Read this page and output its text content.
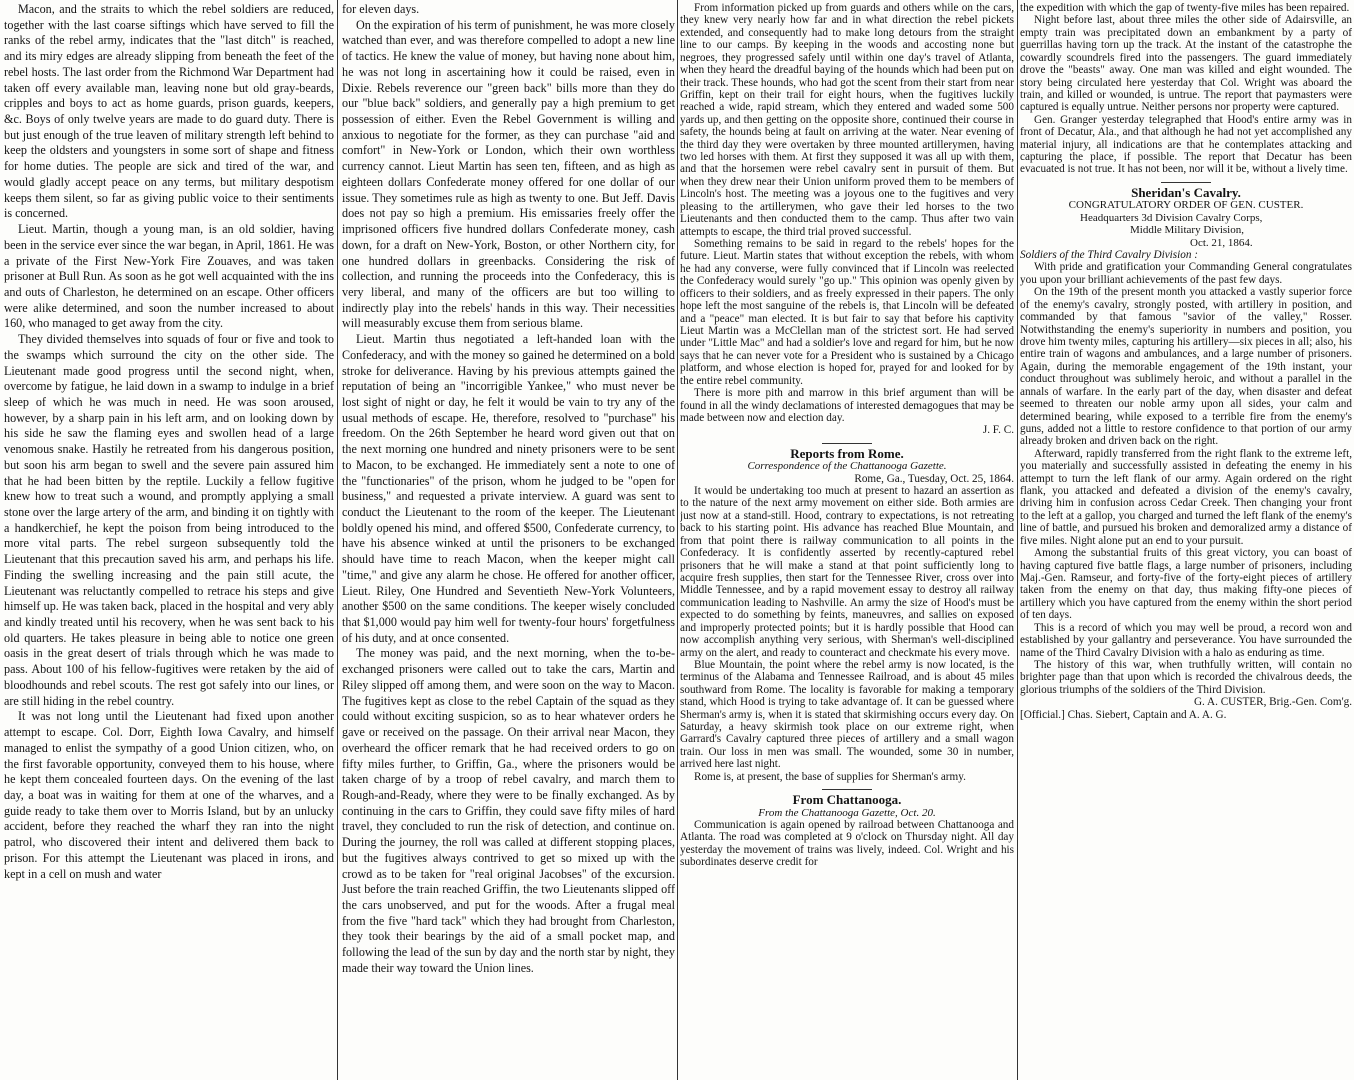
Macon, and the straits to which the rebel soldiers are reduced, together with the last coarse siftings which have served to fill the ranks of the rebel army, indicates that the "last ditch" is reached, and its miry edges are already slipping from beneath the feet of the rebel hosts. The last order from the Richmond War Department had taken off every available man, leaving none but old gray-beards, cripples and boys to act as home guards, prison guards, keepers, &c. Boys of only twelve years are made to do guard duty. There is but just enough of the true leaven of military strength left behind to keep the oldsters and youngsters in some sort of shape and fitness for home duties. The people are sick and tired of the war, and would gladly accept peace on any terms, but military despotism keeps them silent, so far as giving public voice to their sentiments is concerned.

Lieut. Martin, though a young man, is an old soldier, having been in the service ever since the war began, in April, 1861. He was a private of the First New-York Fire Zouaves, and was taken prisoner at Bull Run. As soon as he got well acquainted with the ins and outs of Charleston, he determined on an escape. Other officers were alike determined, and soon the number increased to about 160, who managed to get away from the city.

They divided themselves into squads of four or five and took to the swamps which surround the city on the other side. The Lieutenant made good progress until the second night, when, overcome by fatigue, he laid down in a swamp to indulge in a brief sleep of which he was much in need. He was soon aroused, however, by a sharp pain in his left arm, and on looking down by his side he saw the flaming eyes and swollen head of a large venomous snake. Hastily he retreated from his dangerous position, but soon his arm began to swell and the severe pain assured him that he had been bitten by the reptile. Luckily a fellow fugitive knew how to treat such a wound, and promptly applying a small stone over the large artery of the arm, and binding it on tightly with a handkerchief, he kept the poison from being introduced to the more vital parts. The rebel surgeon subsequently told the Lieutenant that this precaution saved his arm, and perhaps his life. Finding the swelling increasing and the pain still acute, the Lieutenant was reluctantly compelled to retrace his steps and give himself up. He was taken back, placed in the hospital and very ably and kindly treated until his recovery, when he was sent back to his old quarters. He takes pleasure in being able to notice one green oasis in the great desert of trials through which he was made to pass. About 100 of his fellow-fugitives were retaken by the aid of bloodhounds and rebel scouts. The rest got safely into our lines, or are still hiding in the rebel country.

It was not long until the Lieutenant had fixed upon another attempt to escape. Col. Dorr, Eighth Iowa Cavalry, and himself managed to enlist the sympathy of a good Union citizen, who, on the first favorable opportunity, conveyed them to his house, where he kept them concealed fourteen days. On the evening of the last day, a boat was in waiting for them at one of the wharves, and a guide ready to take them over to Morris Island, but by an unlucky accident, before they reached the wharf they ran into the night patrol, who discovered their intent and delivered them back to prison. For this attempt the Lieutenant was placed in irons, and kept in a cell on mush and water

for eleven days.

On the expiration of his term of punishment, he was more closely watched than ever, and was therefore compelled to adopt a new line of tactics. He knew the value of money, but having none about him, he was not long in ascertaining how it could be raised, even in Dixie. Rebels reverence our "green back" bills more than they do our "blue back" soldiers, and generally pay a high premium to get possession of either. Even the Rebel Government is willing and anxious to negotiate for the former, as they can purchase "aid and comfort" in New-York or London, which their own worthless currency cannot. Lieut Martin has seen ten, fifteen, and as high as eighteen dollars Confederate money offered for one dollar of our issue. They sometimes rule as high as twenty to one. But Jeff. Davis does not pay so high a premium. His emissaries freely offer the imprisoned officers five hundred dollars Confederate money, cash down, for a draft on New-York, Boston, or other Northern city, for one hundred dollars in greenbacks. Considering the risk of collection, and running the proceeds into the Confederacy, this is very liberal, and many of the officers are but too willing to indirectly play into the rebels' hands in this way. Their necessities will measurably excuse them from serious blame.

Lieut. Martin thus negotiated a left-handed loan with the Confederacy, and with the money so gained he determined on a bold stroke for deliverance. Having by his previous attempts gained the reputation of being an "incorrigible Yankee," who must never be lost sight of night or day, he felt it would be vain to try any of the usual methods of escape. He, therefore, resolved to "purchase" his freedom. On the 26th September he heard word given out that on the next morning one hundred and ninety prisoners were to be sent to Macon, to be exchanged. He immediately sent a note to one of the "functionaries" of the prison, whom he judged to be "open for business," and requested a private interview. A guard was sent to conduct the Lieutenant to the room of the keeper. The Lieutenant boldly opened his mind, and offered $500, Confederate currency, to have his absence winked at until the prisoners to be exchanged should have time to reach Macon, when the keeper might call "time," and give any alarm he chose. He offered for another officer, Lieut. Riley, One Hundred and Seventieth New-York Volunteers, another $500 on the same conditions. The keeper wisely concluded that $1,000 would pay him well for twenty-four hours' forgetfulness of his duty, and at once consented.

The money was paid, and the next morning, when the to-be-exchanged prisoners were called out to take the cars, Martin and Riley slipped off among them, and were soon on the way to Macon. The fugitives kept as close to the rebel Captain of the squad as they could without exciting suspicion, so as to hear whatever orders he gave or received on the passage. On their arrival near Macon, they overheard the officer remark that he had received orders to go on fifty miles further, to Griffin, Ga., where the prisoners would be taken charge of by a troop of rebel cavalry, and march them to Rough-and-Ready, where they were to be finally exchanged. As by continuing in the cars to Griffin, they could save fifty miles of hard travel, they concluded to run the risk of detection, and continue on. During the journey, the roll was called at different stopping places, but the fugitives always contrived to get so mixed up with the crowd as to be taken for "real original Jacobses" of the excursion. Just before the train reached Griffin, the two Lieutenants slipped off the cars unobserved, and put for the woods. After a frugal meal from the five "hard tack" which they had brought from Charleston, they took their bearings by the aid of a small pocket map, and following the lead of the sun by day and the north star by night, they made their way toward the Union lines.

From information picked up from guards and others while on the cars, they knew very nearly how far and in what direction the rebel pickets extended, and consequently had to make long detours from the straight line to our camps. By keeping in the woods and accosting none but negroes, they progressed safely until within one day's travel of Atlanta, when they heard the dreadful baying of the hounds which had been put on their track. These hounds, who had got the scent from their start from near Griffin, kept on their trail for eight hours, when the fugitives luckily reached a wide, rapid stream, which they entered and waded some 500 yards up, and then getting on the opposite shore, continued their course in safety, the hounds being at fault on arriving at the water. Near evening of the third day they were overtaken by three mounted artillerymen, having two led horses with them. At first they supposed it was all up with them, and that the horsemen were rebel cavalry sent in pursuit of them. But when they drew near their Union uniform proved them to be members of Lincoln's host. The meeting was a joyous one to the fugitives and very pleasing to the artillerymen, who gave their led horses to the two Lieutenants and then conducted them to the camp. Thus after two vain attempts to escape, the third trial proved successful.

Something remains to be said in regard to the rebels' hopes for the future. Lieut. Martin states that without exception the rebels, with whom he had any converse, were fully convinced that if Lincoln was reelected the Confederacy would surely "go up." This opinion was openly given by officers to their soldiers, and as freely expressed in their papers. The only hope left the most sanguine of the rebels is, that Lincoln will be defeated and a "peace" man elected. It is but fair to say that before his captivity Lieut Martin was a McClellan man of the strictest sort. He had served under "Little Mac" and had a soldier's love and regard for him, but he now says that he can never vote for a President who is sustained by a Chicago platform, and whose election is hoped for, prayed for and looked for by the entire rebel community.

There is more pith and marrow in this brief argument than will be found in all the windy declamations of interested demagogues that may be made between now and election day.

J. F. C.

Reports from Rome.

Correspondence of the Chattanooga Gazette.

Rome, Ga., Tuesday, Oct. 25, 1864.

It would be undertaking too much at present to hazard an assertion as to the nature of the next army movement on either side. Both armies are just now at a stand-still. Hood, contrary to expectations, is not retreating back to his starting point. His advance has reached Blue Mountain, and from that point there is railway communication to all points in the Confederacy. It is confidently asserted by recently-captured rebel prisoners that he will make a stand at that point sufficiently long to acquire fresh supplies, then start for the Tennessee River, cross over into Middle Tennessee, and by a rapid movement essay to destroy all railway communication leading to Nashville. An army the size of Hood's must be expected to do something by feints, maneuvres, and sallies on exposed and improperly protected points; but it is hardly possible that Hood can now accomplish anything very serious, with Sherman's well-disciplined army on the alert, and ready to counteract and checkmate his every move.

Blue Mountain, the point where the rebel army is now located, is the terminus of the Alabama and Tennessee Railroad, and is about 45 miles southward from Rome. The locality is favorable for making a temporary stand, which Hood is trying to take advantage of. It can be guessed where Sherman's army is, when it is stated that skirmishing occurs every day. On Saturday, a heavy skirmish took place on our extreme right, when Garrard's Cavalry captured three pieces of artillery and a small wagon train. Our loss in men was small. The wounded, some 30 in number, arrived here last night.

Rome is, at present, the base of supplies for Sherman's army.

From Chattanooga.

From the Chattanooga Gazette, Oct. 20.

Communication is again opened by railroad between Chattanooga and Atlanta. The road was completed at 9 o'clock on Thursday night. All day yesterday the movement of trains was lively, indeed. Col. Wright and his subordinates deserve credit for

the expedition with which the gap of twenty-five miles has been repaired.

Night before last, about three miles the other side of Adairsville, an empty train was precipitated down an embankment by a party of guerrillas having torn up the track. At the instant of the catastrophe the cowardly scoundrels fired into the passengers. The guard immediately drove the "beasts" away. One man was killed and eight wounded. The story being circulated here yesterday that Col. Wright was aboard the train, and killed or wounded, is untrue. The report that paymasters were captured is equally untrue. Neither persons nor property were captured.

Gen. Granger yesterday telegraphed that Hood's entire army was in front of Decatur, Ala., and that although he had not yet accomplished any material injury, all indications are that he contemplates attacking and capturing the place, if possible. The report that Decatur has been evacuated is not true. It has not been, nor will it be, without a lively time.

Sheridan's Cavalry.

CONGRATULATORY ORDER OF GEN. CUSTER.

Headquarters 3d Division Cavalry Corps,

Middle Military Division,

Oct. 21, 1864.

Soldiers of the Third Cavalry Division :

With pride and gratification your Commanding General congratulates you upon your brilliant achievements of the past few days.

On the 19th of the present month you attacked a vastly superior force of the enemy's cavalry, strongly posted, with artillery in position, and commanded by that famous "savior of the valley," Rosser. Notwithstanding the enemy's superiority in numbers and position, you drove him twenty miles, capturing his artillery—six pieces in all; also, his entire train of wagons and ambulances, and a large number of prisoners. Again, during the memorable engagement of the 19th instant, your conduct throughout was sublimely heroic, and without a parallel in the annals of warfare. In the early part of the day, when disaster and defeat seemed to threaten our noble army upon all sides, your calm and determined bearing, while exposed to a terrible fire from the enemy's guns, added not a little to restore confidence to that portion of our army already broken and driven back on the right.

Afterward, rapidly transferred from the right flank to the extreme left, you materially and successfully assisted in defeating the enemy in his attempt to turn the left flank of our army. Again ordered on the right flank, you attacked and defeated a division of the enemy's cavalry, driving him in confusion across Cedar Creek. Then changing your front to the left at a gallop, you charged and turned the left flank of the enemy's line of battle, and pursued his broken and demoralized army a distance of five miles. Night alone put an end to your pursuit.

Among the substantial fruits of this great victory, you can boast of having captured five battle flags, a large number of prisoners, including Maj.-Gen. Ramseur, and forty-five of the forty-eight pieces of artillery taken from the enemy on that day, thus making fifty-one pieces of artillery which you have captured from the enemy within the short period of ten days.

This is a record of which you may well be proud, a record won and established by your gallantry and perseverance. You have surrounded the name of the Third Cavalry Division with a halo as enduring as time.

The history of this war, when truthfully written, will contain no brighter page than that upon which is recorded the chivalrous deeds, the glorious triumphs of the soldiers of the Third Division.

G. A. CUSTER, Brig.-Gen. Com'g.

[Official.] Chas. Siebert, Captain and A. A. G.
